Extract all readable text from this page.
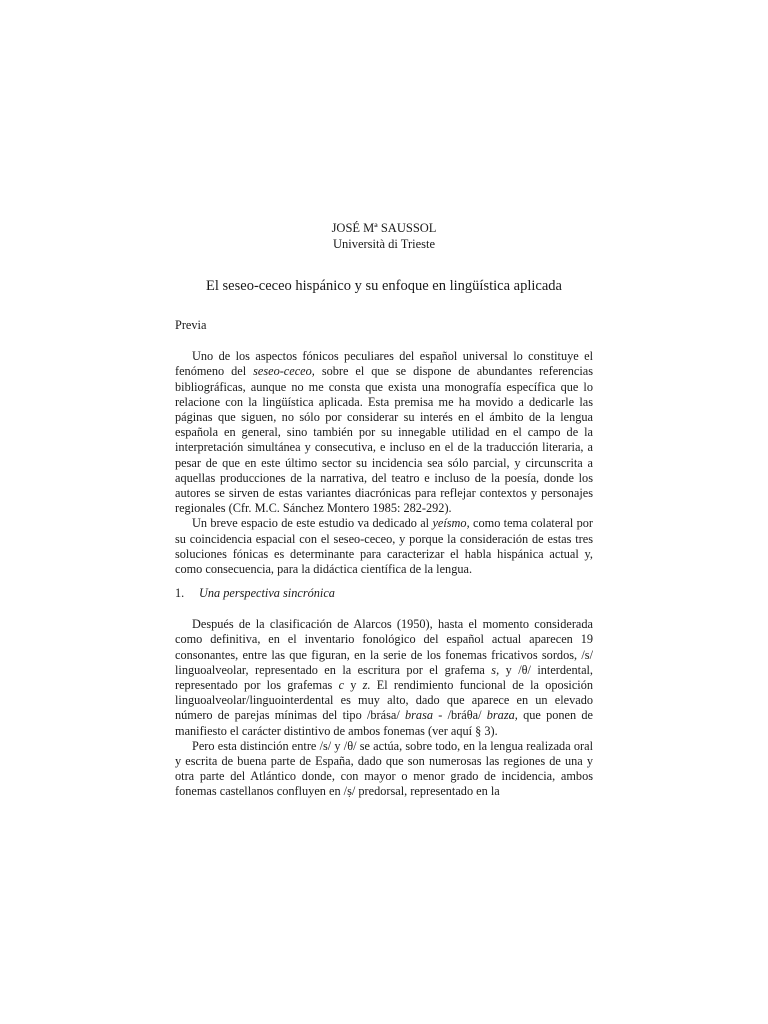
JOSÉ Mª SAUSSOL
Università di Trieste
El seseo-ceceo hispánico y su enfoque en lingüística aplicada
Previa

Uno de los aspectos fónicos peculiares del español universal lo constituye el fenómeno del seseo-ceceo, sobre el que se dispone de abundantes referencias bibliográficas, aunque no me consta que exista una monografía específica que lo relacione con la lingüística aplicada. Esta premisa me ha movido a dedicarle las páginas que siguen, no sólo por considerar su interés en el ámbito de la lengua española en general, sino también por su innegable utilidad en el campo de la interpretación simultánea y consecutiva, e incluso en el de la traducción literaria, a pesar de que en este último sector su incidencia sea sólo parcial, y circunscrita a aquellas producciones de la narrativa, del teatro e incluso de la poesía, donde los autores se sirven de estas variantes diacrónicas para reflejar contextos y personajes regionales (Cfr. M.C. Sánchez Montero 1985: 282-292).

Un breve espacio de este estudio va dedicado al yeísmo, como tema colateral por su coincidencia espacial con el seseo-ceceo, y porque la consideración de estas tres soluciones fónicas es determinante para caracterizar el habla hispánica actual y, como consecuencia, para la didáctica científica de la lengua.

1. Una perspectiva sincrónica

Después de la clasificación de Alarcos (1950), hasta el momento considerada como definitiva, en el inventario fonológico del español actual aparecen 19 consonantes, entre las que figuran, en la serie de los fonemas fricativos sordos, /s/ linguoalveolar, representado en la escritura por el grafema s, y /θ/ interdental, representado por los grafemas c y z. El rendimiento funcional de la oposición linguoalveolar/linguointerdental es muy alto, dado que aparece en un elevado número de parejas mínimas del tipo /brása/ brasa - /bráθa/ braza, que ponen de manifiesto el carácter distintivo de ambos fonemas (ver aquí § 3).

Pero esta distinción entre /s/ y /θ/ se actúa, sobre todo, en la lengua realizada oral y escrita de buena parte de España, dado que son numerosas las regiones de una y otra parte del Atlántico donde, con mayor o menor grado de incidencia, ambos fonemas castellanos confluyen en /ṣ/ predorsal, representado en la
